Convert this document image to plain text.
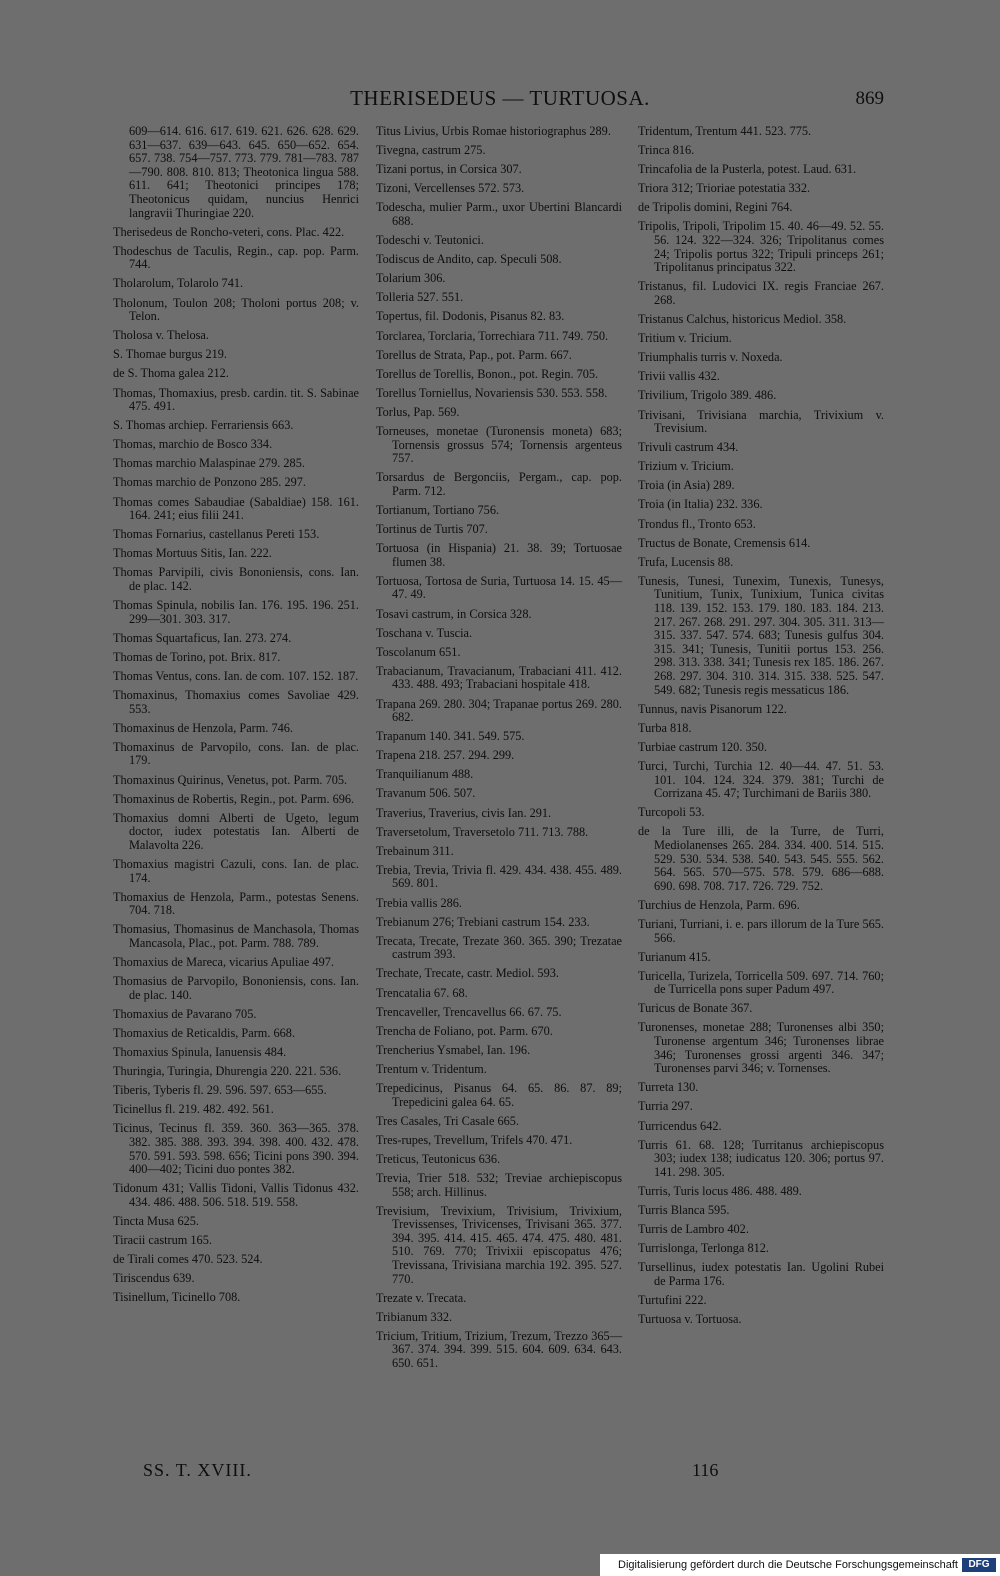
THERISEDEUS — TURTUOSA.	869
609—614. 616. 617. 619. 621. 626. 628. 629. 631—637. 639—643. 645. 650—652. 654. 657. 738. 754—757. 773. 779. 781—783. 787—790. 808. 810. 813; Theotonica lingua 588. 611. 641; Theotonici principes 178; Theotonicus quidam, nuncius Henrici langravii Thuringiae 220.
Therisedeus de Roncho-veteri, cons. Plac. 422.
Thodeschus de Taculis, Regin., cap. pop. Parm. 744.
Tholarolum, Tolarolo 741.
Tholonum, Toulon 208; Tholoni portus 208; v. Telon.
Tholosa v. Thelosa.
S. Thomae burgus 219.
de S. Thoma galea 212.
Thomas, Thomaxius, presb. cardin. tit. S. Sabinae 475. 491.
S. Thomas archiep. Ferrariensis 663.
Thomas, marchio de Bosco 334.
Thomas marchio Malaspinae 279. 285.
Thomas marchio de Ponzono 285. 297.
Thomas comes Sabaudiae (Sabaldiae) 158. 161. 164. 241; eius filii 241.
Thomas Fornarius, castellanus Pereti 153.
Thomas Mortuus Sitis, Ian. 222.
Thomas Parvipili, civis Bononiensis, cons. Ian. de plac. 142.
Thomas Spinula, nobilis Ian. 176. 195. 196. 251. 299—301. 303. 317.
Thomas Squartaficus, Ian. 273. 274.
Thomas de Torino, pot. Brix. 817.
Thomas Ventus, cons. Ian. de com. 107. 152. 187.
Thomaxinus, Thomaxius comes Savoliae 429. 553.
Thomaxinus de Henzola, Parm. 746.
Thomaxinus de Parvopilo, cons. Ian. de plac. 179.
Thomaxinus Quirinus, Venetus, pot. Parm. 705.
Thomaxinus de Robertis, Regin., pot. Parm. 696.
Thomaxius domni Alberti de Ugeto, legum doctor, iudex potestatis Ian. Alberti de Malavolta 226.
Thomaxius magistri Cazuli, cons. Ian. de plac. 174.
Thomaxius de Henzola, Parm., potestas Senens. 704. 718.
Thomasius, Thomasinus de Manchasola, Thomas Mancasola, Plac., pot. Parm. 788. 789.
Thomaxius de Mareca, vicarius Apuliae 497.
Thomasius de Parvopilo, Bononiensis, cons. Ian. de plac. 140.
Thomaxius de Pavarano 705.
Thomaxius de Reticaldis, Parm. 668.
Thomaxius Spinula, Ianuensis 484.
Thuringia, Turingia, Dhurengia 220. 221. 536.
Tiberis, Tyberis fl. 29. 596. 597. 653—655.
Ticinellus fl. 219. 482. 492. 561.
Ticinus, Tecinus fl. 359. 360. 363—365. 378. 382. 385. 388. 393. 394. 398. 400. 432. 478. 570. 591. 593. 598. 656; Ticini pons 390. 394. 400—402; Ticini duo pontes 382.
Tidonum 431; Vallis Tidoni, Vallis Tidonus 432. 434. 486. 488. 506. 518. 519. 558.
Tincta Musa 625.
Tiracii castrum 165.
de Tirali comes 470. 523. 524.
Tiriscendus 639.
Tisinellum, Ticinello 708.
Titus Livius, Urbis Romae historiographus 289.
Tivegna, castrum 275.
Tizani portus, in Corsica 307.
Tizoni, Vercellenses 572. 573.
Todescha, mulier Parm., uxor Ubertini Blancardi 688.
Todeschi v. Teutonici.
Todiscus de Andito, cap. Speculi 508.
Tolarium 306.
Tolleria 527. 551.
Topertus, fil. Dodonis, Pisanus 82. 83.
Torclarea, Torclaria, Torrechiara 711. 749. 750.
Torellus de Strata, Pap., pot. Parm. 667.
Torellus de Torellis, Bonon., pot. Regin. 705.
Torellus Torniellus, Novariensis 530. 553. 558.
Torlus, Pap. 569.
Torneuses, monetae (Turonensis moneta) 683; Tornensis grossus 574; Tornensis argenteus 757.
Torsardus de Bergonciis, Pergam., cap. pop. Parm. 712.
Tortianum, Tortiano 756.
Tortinus de Turtis 707.
Tortuosa (in Hispania) 21. 38. 39; Tortuosae flumen 38.
Tortuosa, Tortosa de Suria, Turtuosa 14. 15. 45—47. 49.
Tosavi castrum, in Corsica 328.
Toschana v. Tuscia.
Toscolanum 651.
Trabacianum, Travacianum, Trabaciani 411. 412. 433. 488. 493; Trabaciani hospitale 418.
Trapana 269. 280. 304; Trapanae portus 269. 280. 682.
Trapanum 140. 341. 549. 575.
Trapena 218. 257. 294. 299.
Tranquilianum 488.
Travanum 506. 507.
Traverius, Traverius, civis Ian. 291.
Traversetolum, Traversetolo 711. 713. 788.
Trebainum 311.
Trebia, Trevia, Trivia fl. 429. 434. 438. 455. 489. 569. 801.
Trebia vallis 286.
Trebianum 276; Trebiani castrum 154. 233.
Trecata, Trecate, Trezate 360. 365. 390; Trezatae castrum 393.
Trechate, Trecate, castr. Mediol. 593.
Trencatalia 67. 68.
Trencaveller, Trencavellus 66. 67. 75.
Trencha de Foliano, pot. Parm. 670.
Trencherius Ysmabel, Ian. 196.
Trentum v. Tridentum.
Trepedicinus, Pisanus 64. 65. 86. 87. 89; Trepedicini galea 64. 65.
Tres Casales, Tri Casale 665.
Tres-rupes, Trevellum, Trifels 470. 471.
Treticus, Teutonicus 636.
Trevia, Trier 518. 532; Treviae archiepiscopus 558; arch. Hillinus.
Trevisium, Trevixium, Trivisium, Trivixium, Trevissenses, Trivicenses, Trivisani 365. 377. 394. 395. 414. 415. 465. 474. 475. 480. 481. 510. 769. 770; Trivixii episcopatus 476; Trevissana, Trivisiana marchia 192. 395. 527. 770.
Trezate v. Trecata.
Tribianum 332.
Tricium, Tritium, Trizium, Trezum, Trezzo 365—367. 374. 394. 399. 515. 604. 609. 634. 643. 650. 651.
Tridentum, Trentum 441. 523. 775.
Trinca 816.
Trincafolia de la Pusterla, potest. Laud. 631.
Triora 312; Trioriae potestatia 332.
de Tripolis domini, Regini 764.
Tripolis, Tripoli, Tripolim 15. 40. 46—49. 52. 55. 56. 124. 322—324. 326; Tripolitanus comes 24; Tripolis portus 322; Tripuli princeps 261; Tripolitanus principatus 322.
Tristanus, fil. Ludovici IX. regis Franciae 267. 268.
Tristanus Calchus, historicus Mediol. 358.
Tritium v. Tricium.
Triumphalis turris v. Noxeda.
Trivii vallis 432.
Trivilium, Trigolo 389. 486.
Trivisani, Trivisiana marchia, Trivixium v. Trevisium.
Trivuli castrum 434.
Trizium v. Tricium.
Troia (in Asia) 289.
Troia (in Italia) 232. 336.
Trondus fl., Tronto 653.
Tructus de Bonate, Cremensis 614.
Trufa, Lucensis 88.
Tunesis, Tunesi, Tunexim, Tunexis, Tunesys, Tunitium, Tunix, Tunixium, Tunica civitas 118. 139. 152. 153. 179. 180. 183. 184. 213. 217. 267. 268. 291. 297. 304. 305. 311. 313—315. 337. 547. 574. 683; Tunesis gulfus 304. 315. 341; Tunesis, Tunitii portus 153. 256. 298. 313. 338. 341; Tunesis rex 185. 186. 267. 268. 297. 304. 310. 314. 315. 338. 525. 547. 549. 682; Tunesis regis messaticus 186.
Tunnus, navis Pisanorum 122.
Turba 818.
Turbiae castrum 120. 350.
Turci, Turchi, Turchia 12. 40—44. 47. 51. 53. 101. 104. 124. 324. 379. 381; Turchi de Corrizana 45. 47; Turchimani de Bariis 380.
Turcopoli 53.
de la Ture illi, de la Turre, de Turri, Mediolanenses 265. 284. 334. 400. 514. 515. 529. 530. 534. 538. 540. 543. 545. 555. 562. 564. 565. 570—575. 578. 579. 686—688. 690. 698. 708. 717. 726. 729. 752.
Turchius de Henzola, Parm. 696.
Turiani, Turriani, i. e. pars illorum de la Ture 565. 566.
Turianum 415.
Turicella, Turizela, Torricella 509. 697. 714. 760; de Turricella pons super Padum 497.
Turicus de Bonate 367.
Turonenses, monetae 288; Turonenses albi 350; Turonense argentum 346; Turonenses librae 346; Turonenses grossi argenti 346. 347; Turonenses parvi 346; v. Tornenses.
Turreta 130.
Turria 297.
Turricendus 642.
Turris 61. 68. 128; Turritanus archiepiscopus 303; iudex 138; iudicatus 120. 306; portus 97. 141. 298. 305.
Turris, Turis locus 486. 488. 489.
Turris Blanca 595.
Turris de Lambro 402.
Turrislonga, Terlonga 812.
Tursellinus, iudex potestatis Ian. Ugolini Rubei de Parma 176.
Turtufini 222.
Turtuosa v. Tortuosa.
SS. T. XVIII.	116
Digitalisierung gefördert durch die Deutsche Forschungsgemeinschaft	DFG
